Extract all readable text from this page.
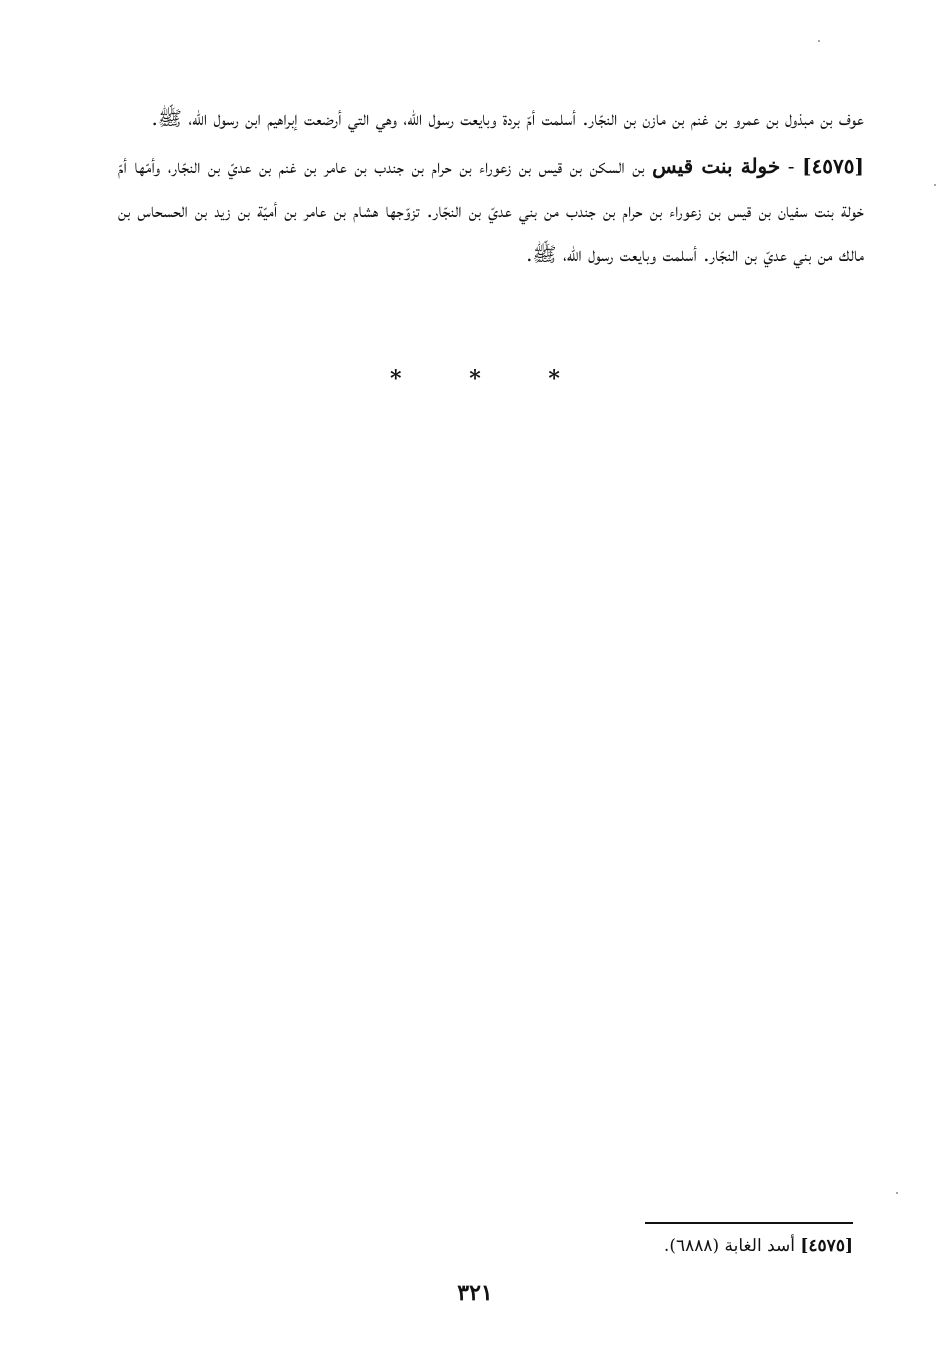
عوف بن مبذول بن عمرو بن غنم بن مازن بن النجّار. أسلمت أمّ بردة وبايعت رسول الله، وهي التي أرضعت إبراهيم ابن رسول الله، ﷺ.

[٤٥٧٥] - خولة بنت قيس بن السكن بن قيس بن زعوراء بن حرام بن جندب بن عامر بن غنم بن عديّ بن النجّار، وأمّها أمّ خولة بنت سفيان بن قيس بن زعوراء بن حرام بن جندب من بني عديّ بن النجّار. تزوّجها هشام بن عامر بن أميّة بن زيد بن الحسحاس بن مالك من بني عديّ بن النجّار. أسلمت وبايعت رسول الله، ﷺ.

* * *
[٤٥٧٥] أسد الغابة (٦٨٨٨).
٣٢١
